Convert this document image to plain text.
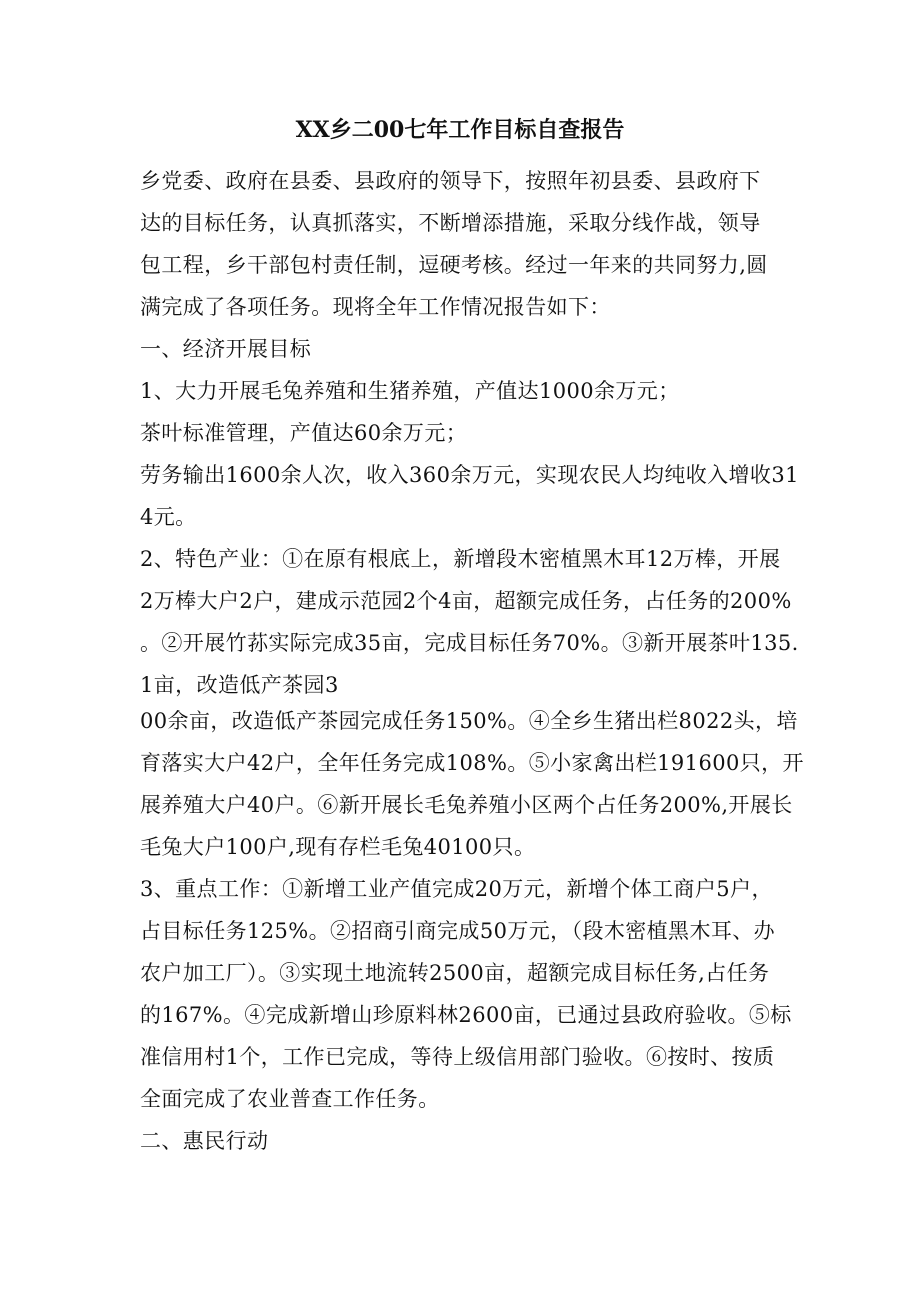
XX乡二00七年工作目标自查报告
乡党委、政府在县委、县政府的领导下，按照年初县委、县政府下
达的目标任务，认真抓落实，不断增添措施，采取分线作战，领导
包工程，乡干部包村责任制，逗硬考核。经过一年来的共同努力,圆
满完成了各项任务。现将全年工作情况报告如下：
一、经济开展目标
1、大力开展毛兔养殖和生猪养殖，产值达1000余万元；
茶叶标准管理，产值达60余万元；
劳务输出1600余人次，收入360余万元，实现农民人均纯收入增收31
4元。
2、特色产业：①在原有根底上，新增段木密植黑木耳12万棒，开展
2万棒大户2户，建成示范园2个4亩，超额完成任务，占任务的200%
。②开展竹荪实际完成35亩，完成目标任务70%。③新开展茶叶135.
1亩，改造低产茶园3
00余亩，改造低产茶园完成任务150%。④全乡生猪出栏8022头，培
育落实大户42户，全年任务完成108%。⑤小家禽出栏191600只，开
展养殖大户40户。⑥新开展长毛兔养殖小区两个占任务200%,开展长
毛兔大户100户,现有存栏毛兔40100只。
3、重点工作：①新增工业产值完成20万元，新增个体工商户5户，
占目标任务125%。②招商引商完成50万元，（段木密植黑木耳、办
农户加工厂）。③实现土地流转2500亩，超额完成目标任务,占任务
的167%。④完成新增山珍原料林2600亩，已通过县政府验收。⑤标
准信用村1个，工作已完成，等待上级信用部门验收。⑥按时、按质
全面完成了农业普查工作任务。
二、惠民行动
